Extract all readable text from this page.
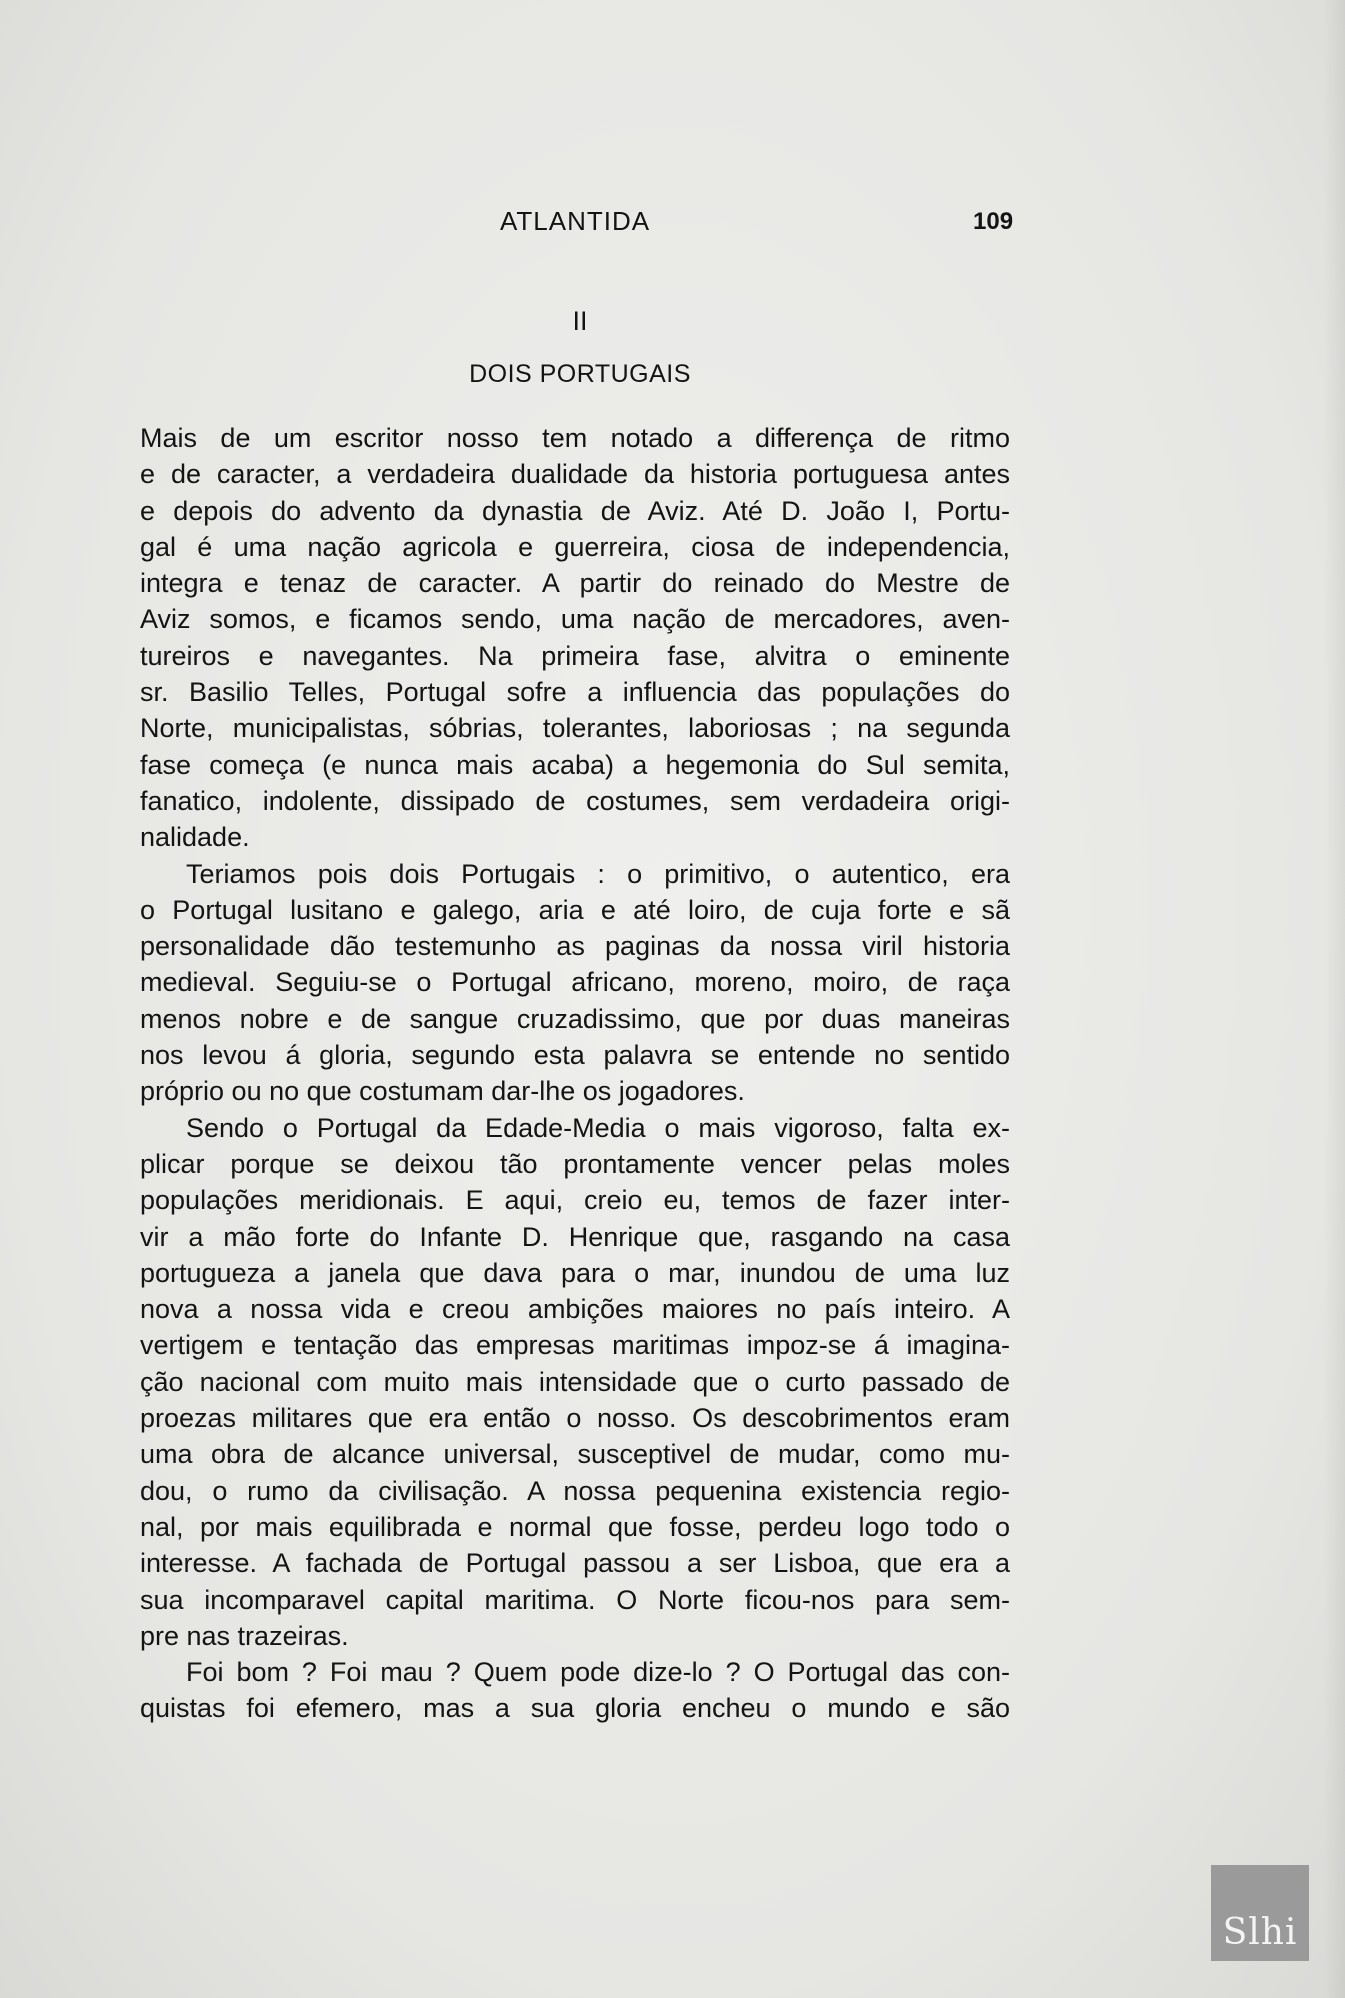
ATLANTIDA	109
II
DOIS PORTUGAIS
Mais de um escritor nosso tem notado a differença de ritmo
e de caracter, a verdadeira dualidade da historia portuguesa antes
e depois do advento da dynastia de Aviz. Até D. João I, Portu-
gal é uma nação agricola e guerreira, ciosa de independencia,
integra e tenaz de caracter. A partir do reinado do Mestre de
Aviz somos, e ficamos sendo, uma nação de mercadores, aven-
tureiros e navegantes. Na primeira fase, alvitra o eminente
sr. Basilio Telles, Portugal sofre a influencia das populações do
Norte, municipalistas, sóbrias, tolerantes, laboriosas ; na segunda
fase começa (e nunca mais acaba) a hegemonia do Sul semita,
fanatico, indolente, dissipado de costumes, sem verdadeira origi-
nalidade.
Teriamos pois dois Portugais : o primitivo, o autentico, era
o Portugal lusitano e galego, aria e até loiro, de cuja forte e sã
personalidade dão testemunho as paginas da nossa viril historia
medieval. Seguiu-se o Portugal africano, moreno, moiro, de raça
menos nobre e de sangue cruzadissimo, que por duas maneiras
nos levou á gloria, segundo esta palavra se entende no sentido
próprio ou no que costumam dar-lhe os jogadores.
Sendo o Portugal da Edade-Media o mais vigoroso, falta ex-
plicar porque se deixou tão prontamente vencer pelas moles
populações meridionais. E aqui, creio eu, temos de fazer inter-
vir a mão forte do Infante D. Henrique que, rasgando na casa
portugueza a janela que dava para o mar, inundou de uma luz
nova a nossa vida e creou ambições maiores no país inteiro. A
vertigem e tentação das empresas maritimas impoz-se á imagina-
ção nacional com muito mais intensidade que o curto passado de
proezas militares que era então o nosso. Os descobrimentos eram
uma obra de alcance universal, susceptivel de mudar, como mu-
dou, o rumo da civilisação. A nossa pequenina existencia regio-
nal, por mais equilibrada e normal que fosse, perdeu logo todo o
interesse. A fachada de Portugal passou a ser Lisboa, que era a
sua incomparavel capital maritima. O Norte ficou-nos para sem-
pre nas trazeiras.
Foi bom ? Foi mau ? Quem pode dize-lo ? O Portugal das con-
quistas foi efemero, mas a sua gloria encheu o mundo e são
Slhi
